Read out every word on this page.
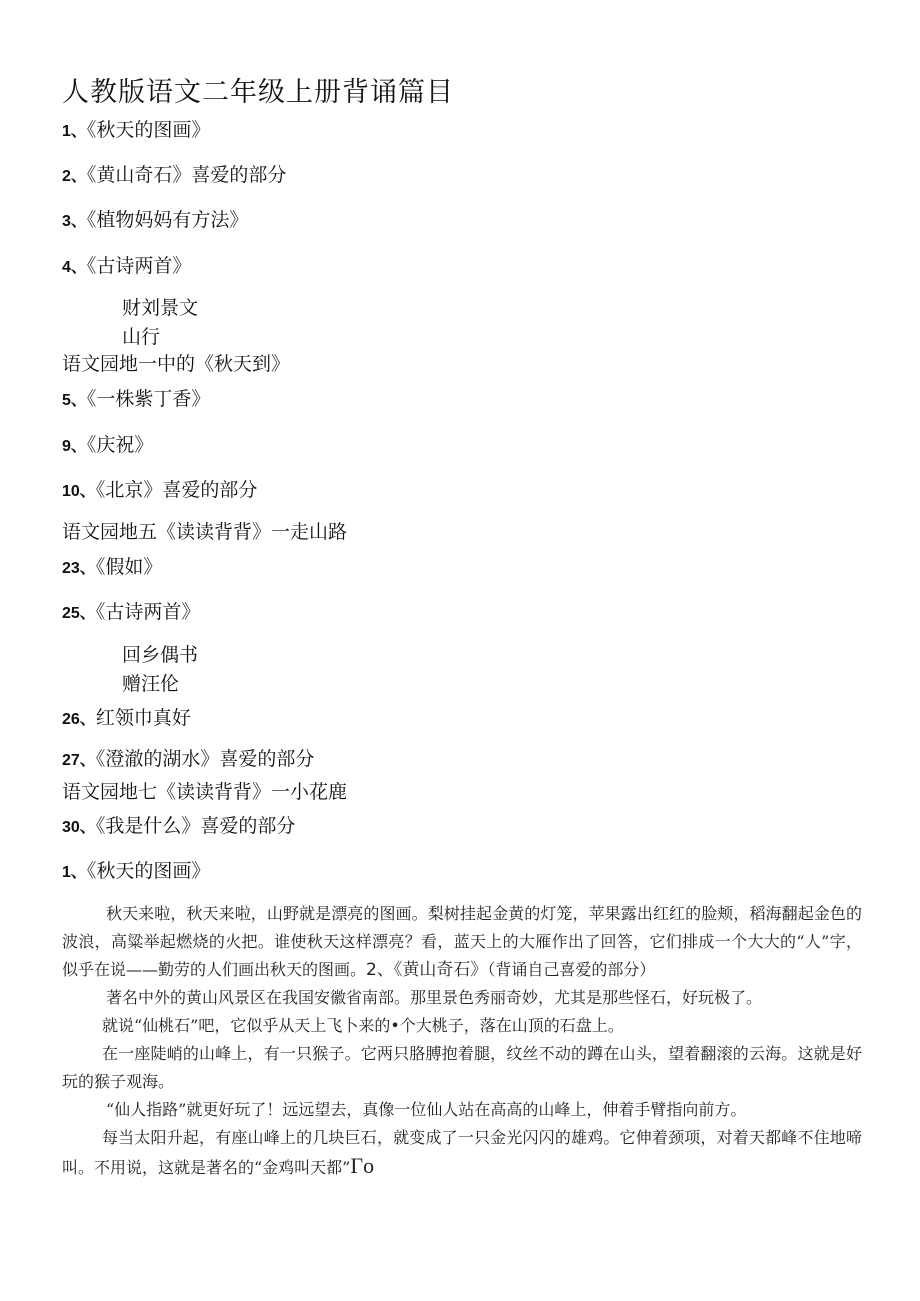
人教版语文二年级上册背诵篇目
1、《秋天的图画》
2、《黄山奇石》喜爱的部分
3、《植物妈妈有方法》
4、《古诗两首》
财刘景文
山行
语文园地一中的《秋天到》
5、《一株紫丁香》
9、《庆祝》
10、《北京》喜爱的部分
语文园地五《读读背背》一走山路
23、《假如》
25、《古诗两首》
回乡偶书
赠汪伦
26、红领巾真好
27、《澄澈的湖水》喜爱的部分
语文园地七《读读背背》一小花鹿
30、《我是什么》喜爱的部分
1、《秋天的图画》

秋天来啦，秋天来啦，山野就是漂亮的图画。梨树挂起金黄的灯笼，苹果露出红红的脸颊，稻海翻起金色的波浪，高粱举起燃烧的火把。谁使秋天这样漂亮？看，蓝天上的大雁作出了回答，它们排成一个大大的“人”字，似乎在说——勤劳的人们画出秋天的图画。2、《黄山奇石》（背诵自己喜爱的部分）

著名中外的黄山风景区在我国安徽省南部。那里景色秀丽奇妙，尤其是那些怪石，好玩极了。

就说“仙桃石”吧，它似乎从天上飞卜来的•个大桃子，落在山顶的石盘上。

在一座陡峭的山峰上，有一只猴子。它两只胳膊抱着腿，纹丝不动的蹲在山头，望着翻滚的云海。这就是好玩的猴子观海。

“仙人指路”就更好玩了！远远望去，真像一位仙人站在高高的山峰上，伸着手臂指向前方。

每当太阳升起，有座山峰上的几块巨石，就变成了一只金光闪闪的雄鸡。它伸着颈项，对着天都峰不住地啼叫。不用说，这就是著名的“金鸡叫天都”Γo
